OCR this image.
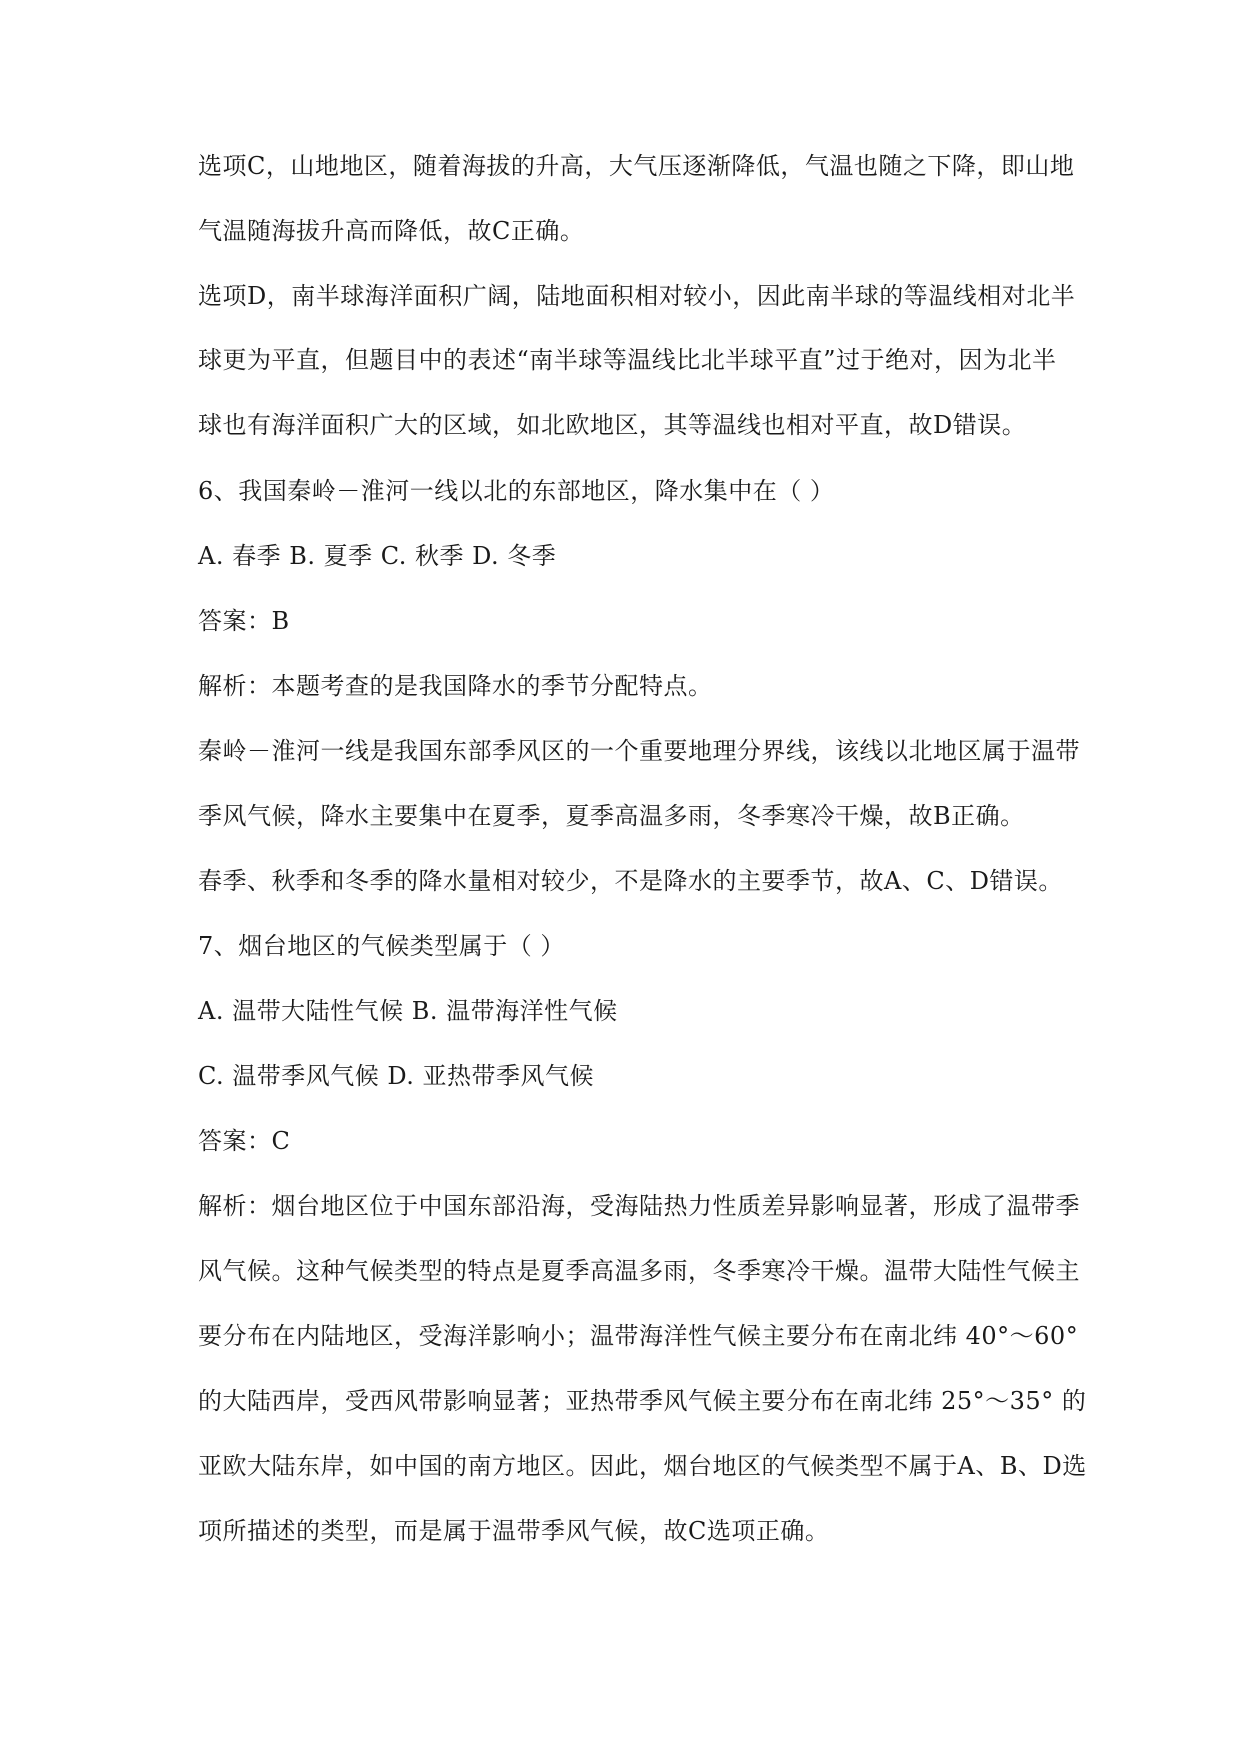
选项C，山地地区，随着海拔的升高，大气压逐渐降低，气温也随之下降，即山地
气温随海拔升高而降低，故C正确。
选项D，南半球海洋面积广阔，陆地面积相对较小，因此南半球的等温线相对北半
球更为平直，但题目中的表述“南半球等温线比北半球平直”过于绝对，因为北半
球也有海洋面积广大的区域，如北欧地区，其等温线也相对平直，故D错误。
6、我国秦岭－淮河一线以北的东部地区，降水集中在（ ）
A. 春季 B. 夏季 C. 秋季 D. 冬季
答案：B
解析：本题考查的是我国降水的季节分配特点。
秦岭－淮河一线是我国东部季风区的一个重要地理分界线，该线以北地区属于温带
季风气候，降水主要集中在夏季，夏季高温多雨，冬季寒冷干燥，故B正确。
春季、秋季和冬季的降水量相对较少，不是降水的主要季节，故A、C、D错误。
7、烟台地区的气候类型属于（ ）
A. 温带大陆性气候 B. 温带海洋性气候
C. 温带季风气候 D. 亚热带季风气候
答案：C
解析：烟台地区位于中国东部沿海，受海陆热力性质差异影响显著，形成了温带季
风气候。这种气候类型的特点是夏季高温多雨，冬季寒冷干燥。温带大陆性气候主
要分布在内陆地区，受海洋影响小；温带海洋性气候主要分布在南北纬 40°～60°
的大陆西岸，受西风带影响显著；亚热带季风气候主要分布在南北纬 25°～35° 的
亚欧大陆东岸，如中国的南方地区。因此，烟台地区的气候类型不属于A、B、D选
项所描述的类型，而是属于温带季风气候，故C选项正确。
